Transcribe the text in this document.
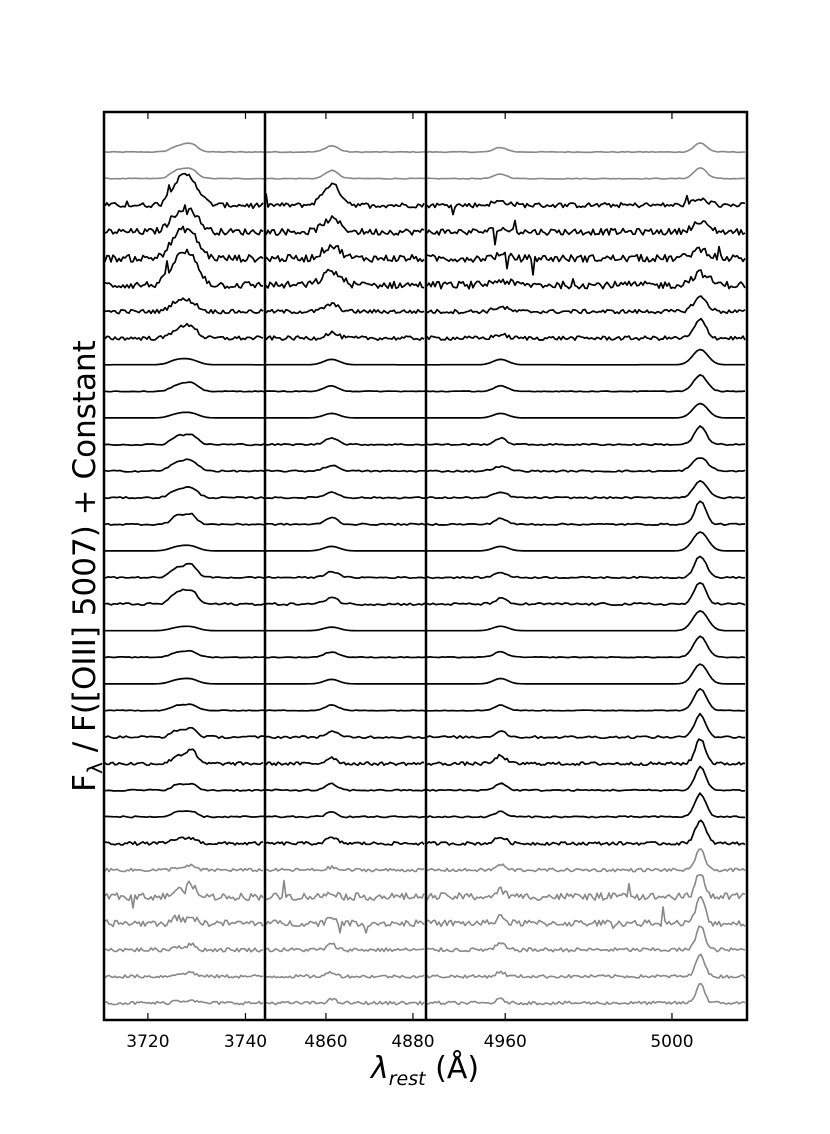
3720	3740 4860	4880	4960	5000
$\lambda_{rest}$ (Å)
$F_\lambda$ / F([OIII] 5007) + Constant
